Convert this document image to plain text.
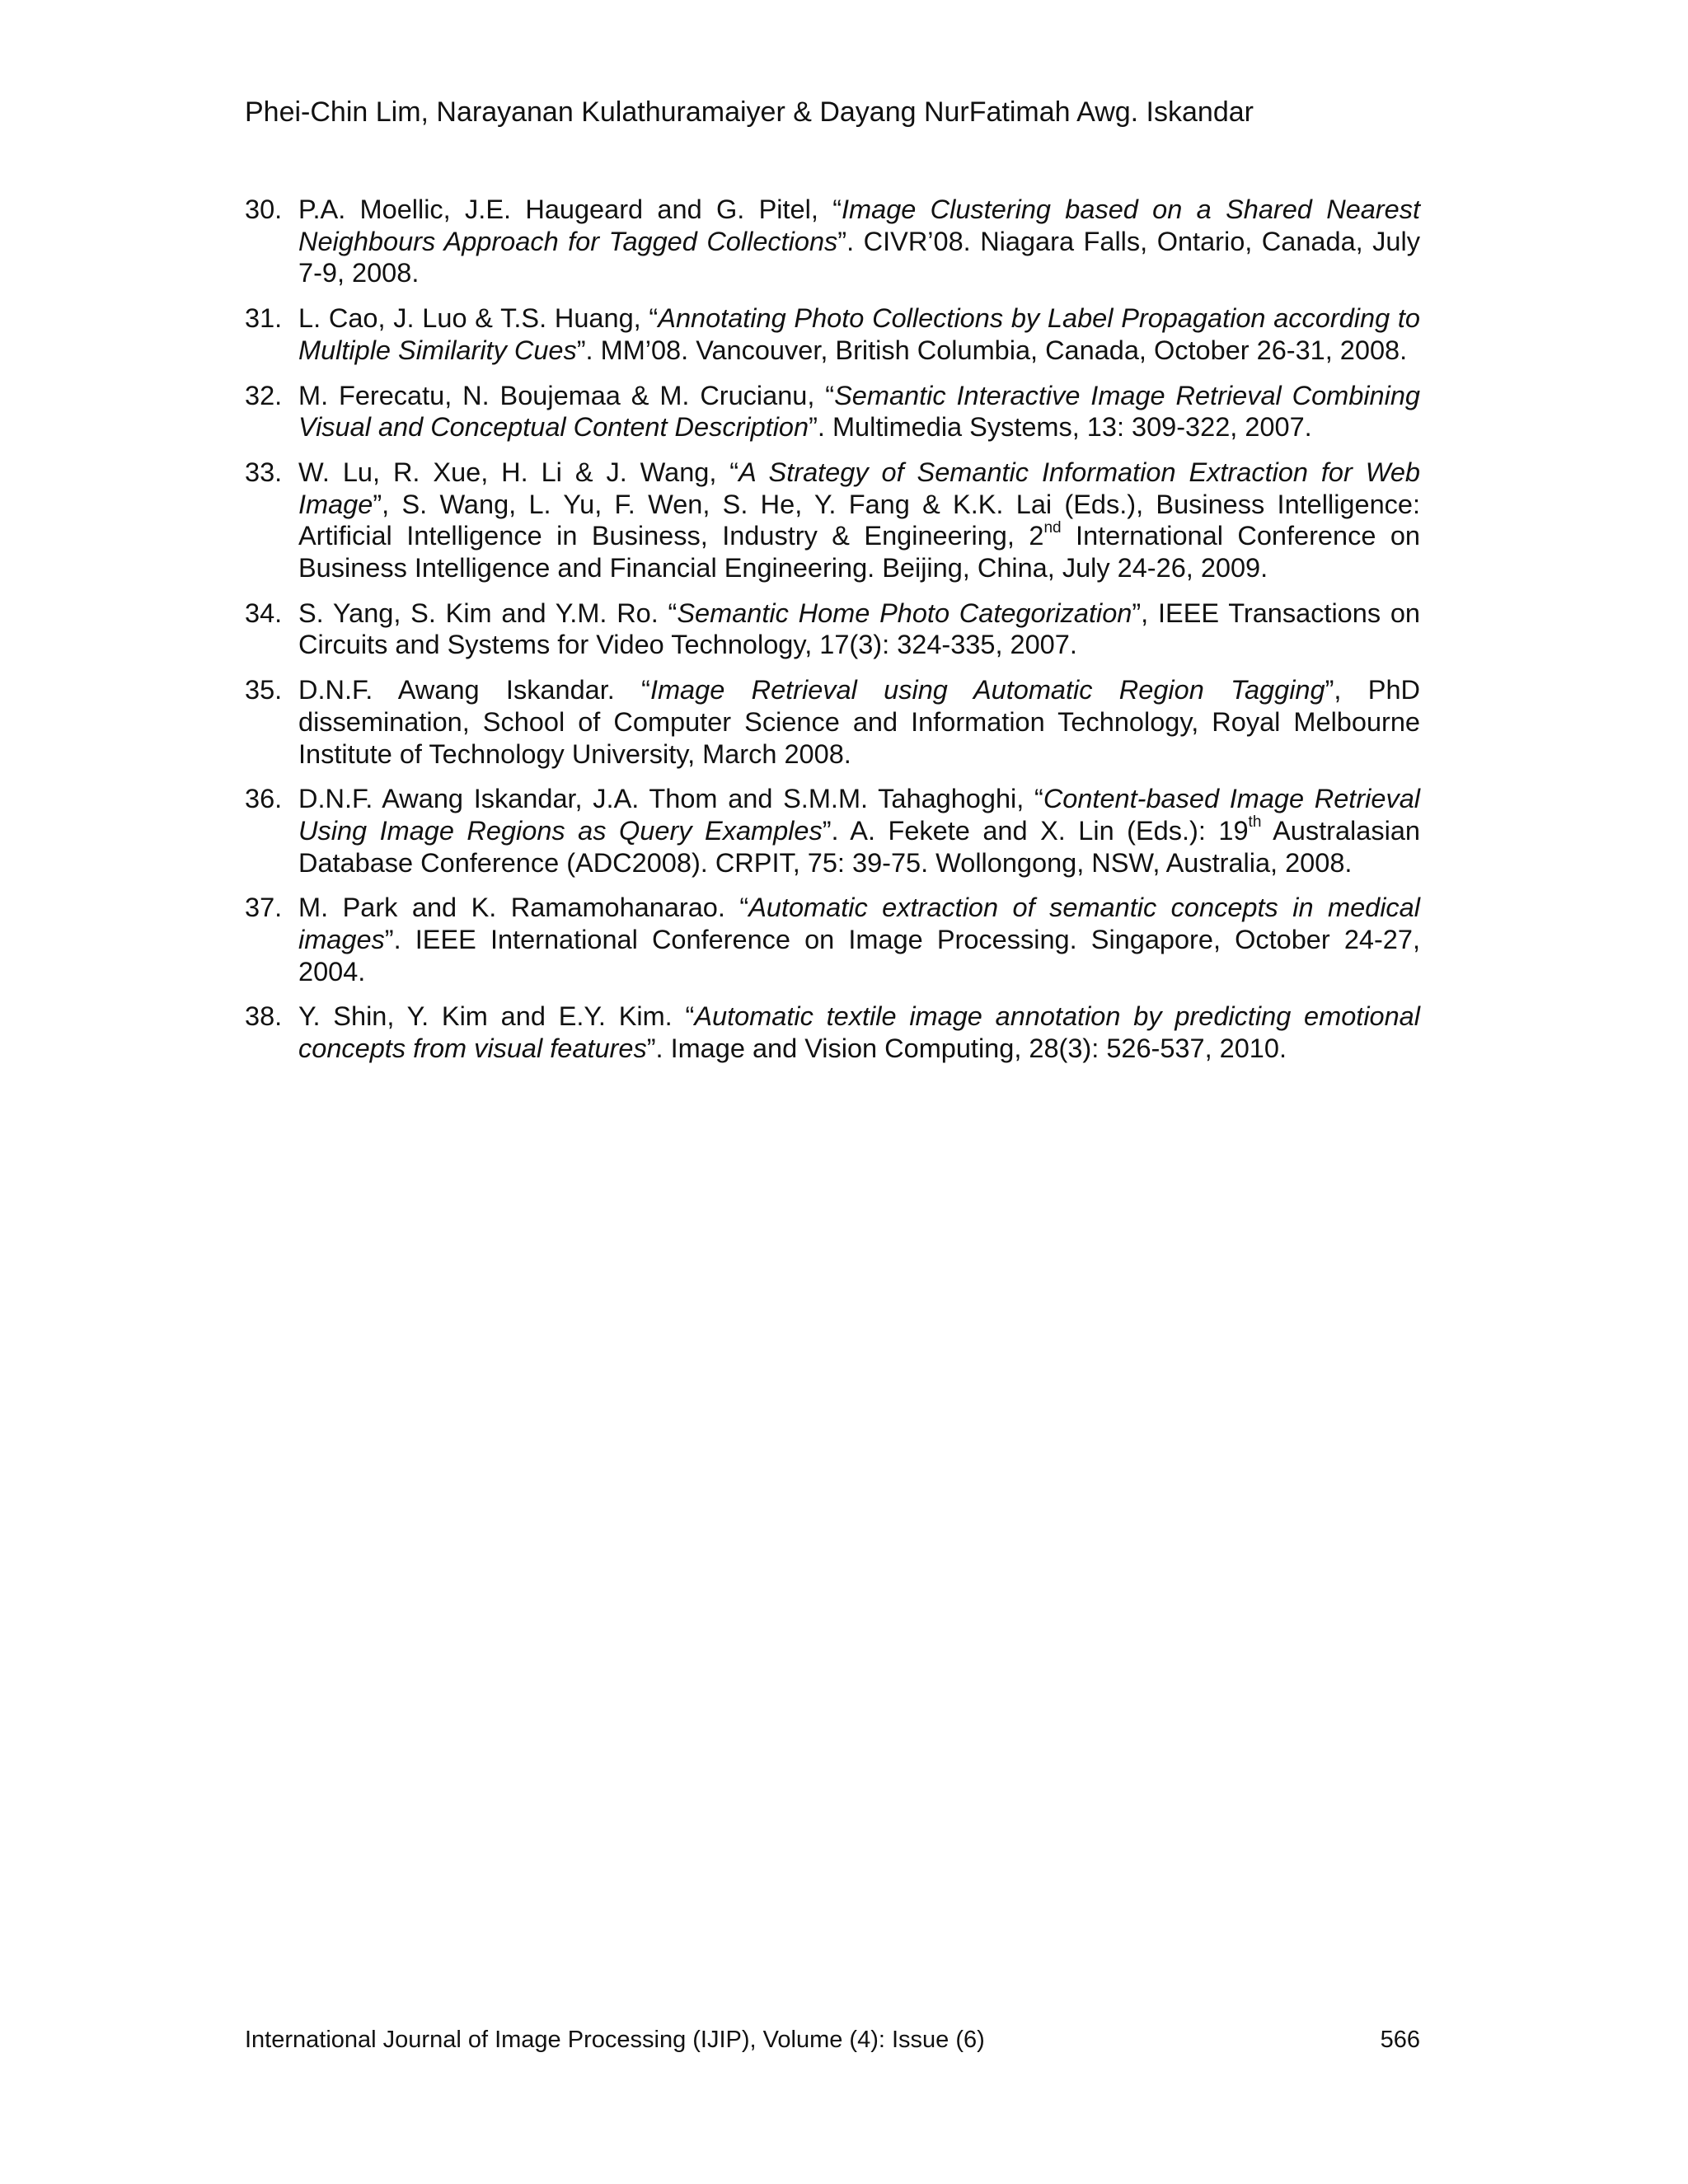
Phei-Chin Lim, Narayanan Kulathuramaiyer & Dayang NurFatimah Awg. Iskandar
30. P.A. Moellic, J.E. Haugeard and G. Pitel, “Image Clustering based on a Shared Nearest Neighbours Approach for Tagged Collections”. CIVR’08. Niagara Falls, Ontario, Canada, July 7-9, 2008.
31. L. Cao, J. Luo & T.S. Huang, “Annotating Photo Collections by Label Propagation according to Multiple Similarity Cues”. MM’08. Vancouver, British Columbia, Canada, October 26-31, 2008.
32. M. Ferecatu, N. Boujemaa & M. Crucianu, “Semantic Interactive Image Retrieval Combining Visual and Conceptual Content Description”. Multimedia Systems, 13: 309-322, 2007.
33. W. Lu, R. Xue, H. Li & J. Wang, “A Strategy of Semantic Information Extraction for Web Image”, S. Wang, L. Yu, F. Wen, S. He, Y. Fang & K.K. Lai (Eds.), Business Intelligence: Artificial Intelligence in Business, Industry & Engineering, 2nd International Conference on Business Intelligence and Financial Engineering. Beijing, China, July 24-26, 2009.
34. S. Yang, S. Kim and Y.M. Ro. “Semantic Home Photo Categorization”, IEEE Transactions on Circuits and Systems for Video Technology, 17(3): 324-335, 2007.
35. D.N.F. Awang Iskandar. “Image Retrieval using Automatic Region Tagging”, PhD dissemination, School of Computer Science and Information Technology, Royal Melbourne Institute of Technology University, March 2008.
36. D.N.F. Awang Iskandar, J.A. Thom and S.M.M. Tahaghoghi, “Content-based Image Retrieval Using Image Regions as Query Examples”. A. Fekete and X. Lin (Eds.): 19th Australasian Database Conference (ADC2008). CRPIT, 75: 39-75. Wollongong, NSW, Australia, 2008.
37. M. Park and K. Ramamohanarao. “Automatic extraction of semantic concepts in medical images”. IEEE International Conference on Image Processing. Singapore, October 24-27, 2004.
38. Y. Shin, Y. Kim and E.Y. Kim. “Automatic textile image annotation by predicting emotional concepts from visual features”. Image and Vision Computing, 28(3): 526-537, 2010.
International Journal of Image Processing (IJIP), Volume (4): Issue (6)	566
